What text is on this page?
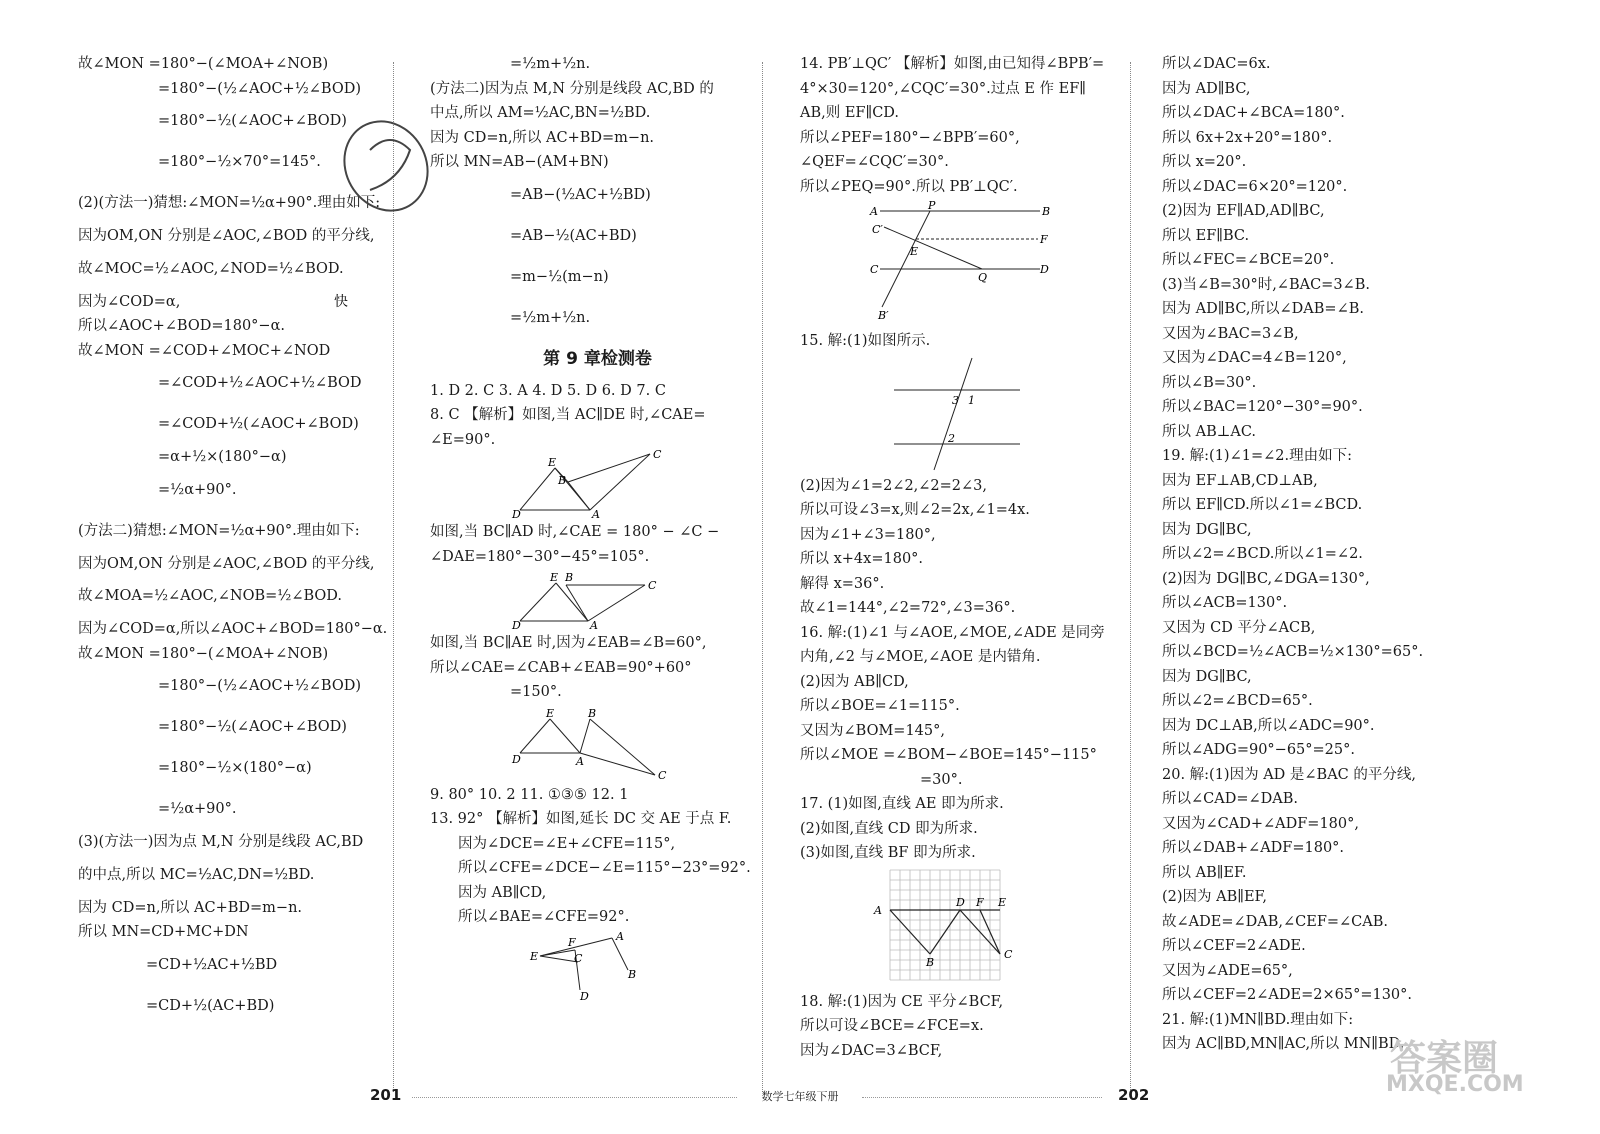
故∠MON =180°−(∠MOA+∠NOB)
=180°−(½∠AOC+½∠BOD)
=180°−½(∠AOC+∠BOD)
=180°−½×70°=145°.
(2)(方法一)猜想:∠MON=½α+90°.理由如下:
因为OM,ON 分别是∠AOC,∠BOD 的平分线,
故∠MOC=½∠AOC,∠NOD=½∠BOD.
因为∠COD=α,
所以∠AOC+∠BOD=180°−α.
故∠MON =∠COD+∠MOC+∠NOD
=∠COD+½∠AOC+½∠BOD
=∠COD+½(∠AOC+∠BOD)
=α+½×(180°−α)
=½α+90°.
(方法二)猜想:∠MON=½α+90°.理由如下:
因为OM,ON 分别是∠AOC,∠BOD 的平分线,
故∠MOA=½∠AOC,∠NOB=½∠BOD.
因为∠COD=α,所以∠AOC+∠BOD=180°−α.
故∠MON =180°−(∠MOA+∠NOB)
=180°−(½∠AOC+½∠BOD)
=180°−½(∠AOC+∠BOD)
=180°−½×(180°−α)
=½α+90°.
(3)(方法一)因为点 M,N 分别是线段 AC,BD
的中点,所以 MC=½AC,DN=½BD.
因为 CD=n,所以 AC+BD=m−n.
所以 MN=CD+MC+DN
=CD+½AC+½BD
=CD+½(AC+BD)
=½m+½n.
(方法二)因为点 M,N 分别是线段 AC,BD 的
中点,所以 AM=½AC,BN=½BD.
因为 CD=n,所以 AC+BD=m−n.
所以 MN=AB−(AM+BN)
=AB−(½AC+½BD)
=AB−½(AC+BD)
=m−½(m−n)
=½m+½n.
第 9 章检测卷
1. D 2. C 3. A 4. D 5. D 6. D 7. C
8. C 【解析】如图,当 AC∥DE 时,∠CAE=
∠E=90°.
E
B
C
D	A
如图,当 BC∥AD 时,∠CAE = 180° − ∠C −
∠DAE=180°−30°−45°=105°.
E B
C
D	A
如图,当 BC∥AE 时,因为∠EAB=∠B=60°,
所以∠CAE=∠CAB+∠EAB=90°+60°
=150°.
E	B
D	A
C
9. 80° 10. 2 11. ①③⑤ 12. 1
13. 92° 【解析】如图,延长 DC 交 AE 于点 F.
因为∠DCE=∠E+∠CFE=115°,
所以∠CFE=∠DCE−∠E=115°−23°=92°.
因为 AB∥CD,
所以∠BAE=∠CFE=92°.
F	A
E	C
B
D
14. PB′⊥QC′ 【解析】如图,由已知得∠BPB′=
4°×30=120°,∠CQC′=30°.过点 E 作 EF∥
AB,则 EF∥CD.
所以∠PEF=180°−∠BPB′=60°,
∠QEF=∠CQC′=30°.
所以∠PEQ=90°.所以 PB′⊥QC′.
A	P	B
C′
F
E
C
Q
D
B′
15. 解:(1)如图所示.
3 1
2
(2)因为∠1=2∠2,∠2=2∠3,
所以可设∠3=x,则∠2=2x,∠1=4x.
因为∠1+∠3=180°,
所以 x+4x=180°.
解得 x=36°.
故∠1=144°,∠2=72°,∠3=36°.
16. 解:(1)∠1 与∠AOE,∠MOE,∠ADE 是同旁
内角,∠2 与∠MOE,∠AOE 是内错角.
(2)因为 AB∥CD,
所以∠BOE=∠1=115°.
又因为∠BOM=145°,
所以∠MOE =∠BOM−∠BOE=145°−115°
=30°.
17. (1)如图,直线 AE 即为所求.
(2)如图,直线 CD 即为所求.
(3)如图,直线 BF 即为所求.
A
D F E
B
C
18. 解:(1)因为 CE 平分∠BCF,
所以可设∠BCE=∠FCE=x.
因为∠DAC=3∠BCF,
所以∠DAC=6x.
因为 AD∥BC,
所以∠DAC+∠BCA=180°.
所以 6x+2x+20°=180°.
所以 x=20°.
所以∠DAC=6×20°=120°.
(2)因为 EF∥AD,AD∥BC,
所以 EF∥BC.
所以∠FEC=∠BCE=20°.
(3)当∠B=30°时,∠BAC=3∠B.
因为 AD∥BC,所以∠DAB=∠B.
又因为∠BAC=3∠B,
又因为∠DAC=4∠B=120°,
所以∠B=30°.
所以∠BAC=120°−30°=90°.
所以 AB⊥AC.
19. 解:(1)∠1=∠2.理由如下:
因为 EF⊥AB,CD⊥AB,
所以 EF∥CD.所以∠1=∠BCD.
因为 DG∥BC,
所以∠2=∠BCD.所以∠1=∠2.
(2)因为 DG∥BC,∠DGA=130°,
所以∠ACB=130°.
又因为 CD 平分∠ACB,
所以∠BCD=½∠ACB=½×130°=65°.
因为 DG∥BC,
所以∠2=∠BCD=65°.
因为 DC⊥AB,所以∠ADC=90°.
所以∠ADG=90°−65°=25°.
20. 解:(1)因为 AD 是∠BAC 的平分线,
所以∠CAD=∠DAB.
又因为∠CAD+∠ADF=180°,
所以∠DAB+∠ADF=180°.
所以 AB∥EF.
(2)因为 AB∥EF,
故∠ADE=∠DAB,∠CEF=∠CAB.
所以∠CEF=2∠ADE.
又因为∠ADE=65°,
所以∠CEF=2∠ADE=2×65°=130°.
21. 解:(1)MN∥BD.理由如下:
因为 AC∥BD,MN∥AC,所以 MN∥BD.
快
答案圈
MXQE.COM
201	数学七年级下册	202
